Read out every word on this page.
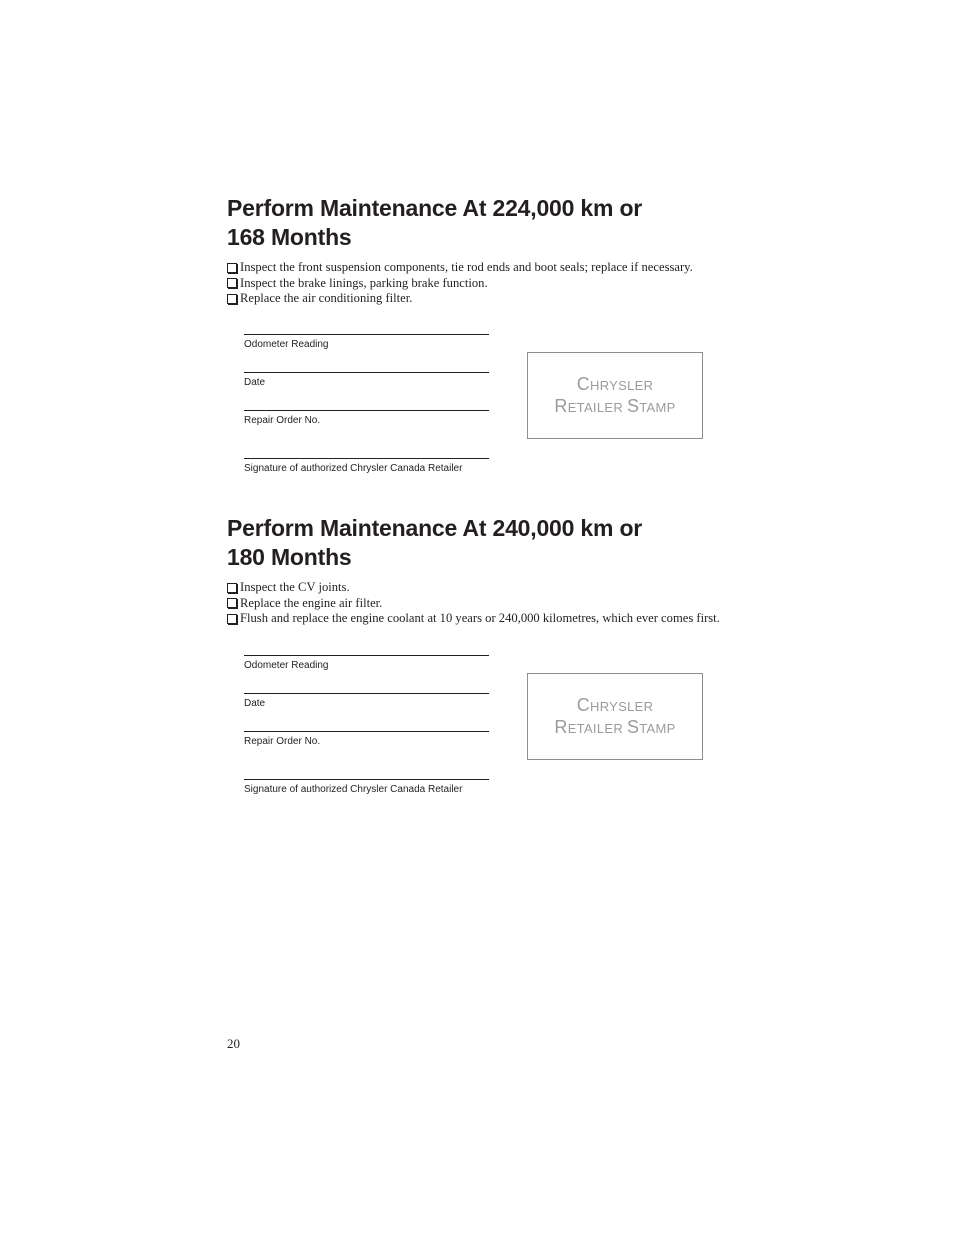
Perform Maintenance At 224,000 km or
168 Months
Inspect the front suspension components, tie rod ends and boot seals; replace if necessary.
Inspect the brake linings, parking brake function.
Replace the air conditioning filter.
Odometer Reading
Date
Repair Order No.
Signature of authorized Chrysler Canada Retailer
CHRYSLER
RETAILER STAMP
Perform Maintenance At 240,000 km or
180 Months
Inspect the CV joints.
Replace the engine air filter.
Flush and replace the engine coolant at 10 years or 240,000 kilometres, which ever comes first.
Odometer Reading
Date
Repair Order No.
Signature of authorized Chrysler Canada Retailer
CHRYSLER
RETAILER STAMP
20
